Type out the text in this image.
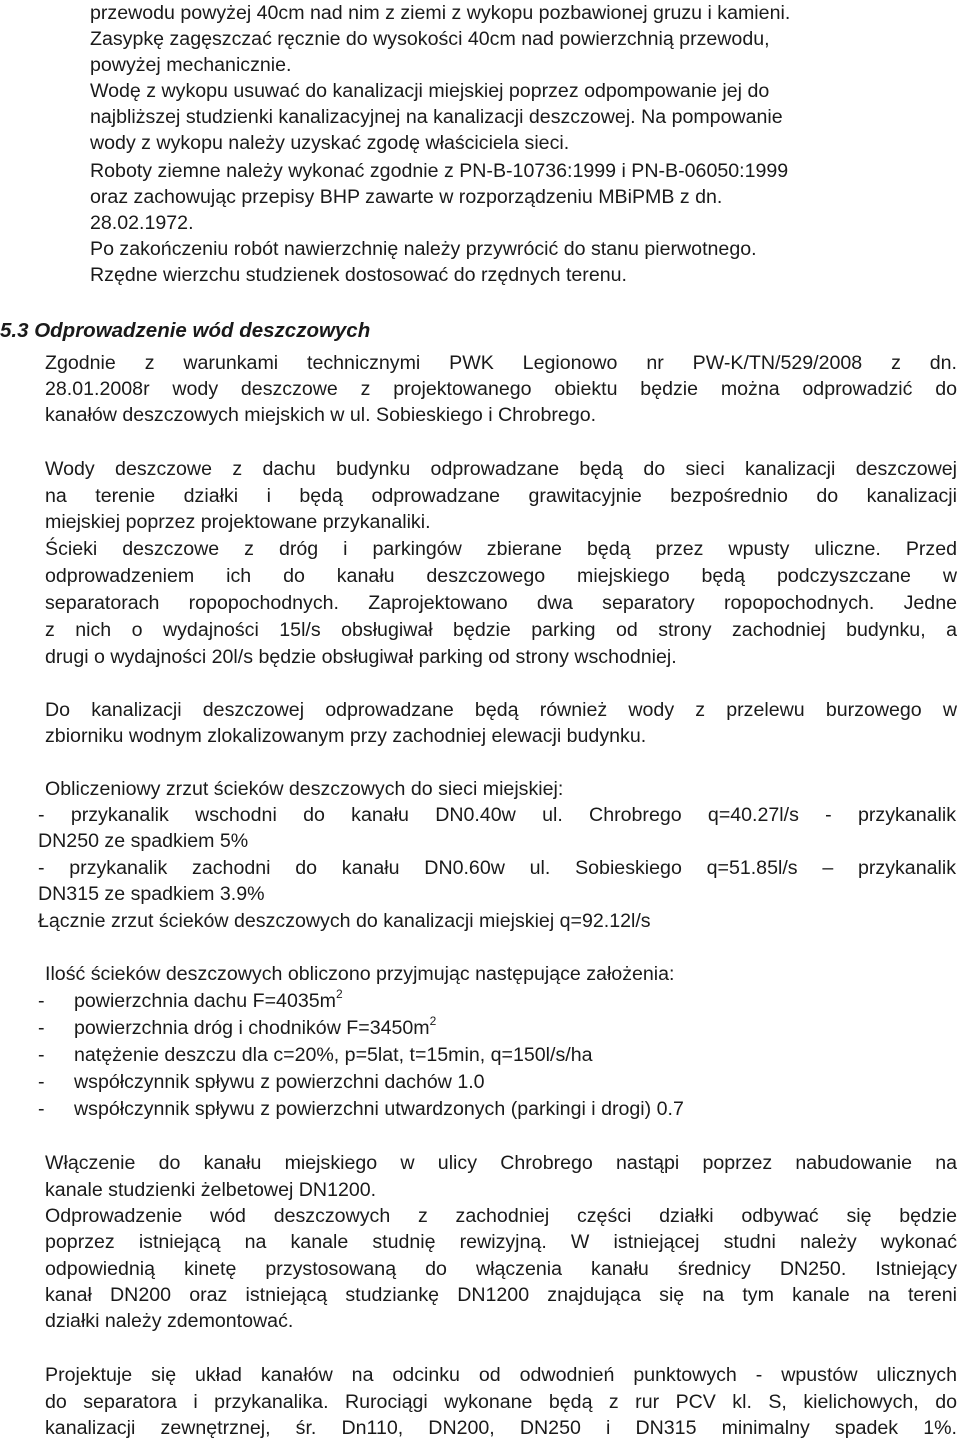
przewodu powyżej 40cm nad nim z ziemi z wykopu pozbawionej gruzu i kamieni.
Zasypkę zagęszczać ręcznie do wysokości 40cm nad powierzchnią przewodu,
powyżej mechanicznie.
Wodę z wykopu usuwać do kanalizacji miejskiej poprzez odpompowanie jej do
najbliższej studzienki kanalizacyjnej na kanalizacji deszczowej. Na pompowanie
wody z wykopu należy uzyskać zgodę właściciela sieci.
Roboty ziemne należy wykonać zgodnie z PN-B-10736:1999 i PN-B-06050:1999
oraz zachowując przepisy BHP zawarte w rozporządzeniu MBiPMB z dn.
28.02.1972.
Po zakończeniu robót nawierzchnię należy przywrócić do stanu pierwotnego.
Rzędne wierzchu studzienek dostosować do rzędnych terenu.
5.3 Odprowadzenie wód deszczowych
Zgodnie z warunkami technicznymi PWK Legionowo nr PW-K/TN/529/2008 z dn.
28.01.2008r wody deszczowe z projektowanego obiektu będzie można odprowadzić do
kanałów deszczowych miejskich w ul. Sobieskiego i Chrobrego.
Wody deszczowe z dachu budynku odprowadzane będą do sieci kanalizacji deszczowej
na terenie działki i będą odprowadzane grawitacyjnie bezpośrednio do kanalizacji
miejskiej poprzez projektowane przykanaliki.
Ścieki deszczowe z dróg i parkingów zbierane będą przez wpusty uliczne. Przed
odprowadzeniem ich do kanału deszczowego miejskiego będą podczyszczane w
separatorach ropopochodnych. Zaprojektowano dwa separatory ropopochodnych. Jedne
z nich o wydajności 15l/s obsługiwał będzie parking od strony zachodniej budynku, a
drugi o wydajności 20l/s będzie obsługiwał parking od strony wschodniej.
Do kanalizacji deszczowej odprowadzane będą również wody z przelewu burzowego w
zbiorniku wodnym zlokalizowanym przy zachodniej elewacji budynku.
Obliczeniowy zrzut ścieków deszczowych do sieci miejskiej:
- przykanalik wschodni do kanału DN0.40w ul. Chrobrego q=40.27l/s - przykanalik
DN250 ze spadkiem 5%
- przykanalik zachodni do kanału DN0.60w ul. Sobieskiego q=51.85l/s – przykanalik
DN315 ze spadkiem 3.9%
Łącznie zrzut ścieków deszczowych do kanalizacji miejskiej q=92.12l/s
Ilość ścieków deszczowych obliczono przyjmując następujące założenia:
- powierzchnia dachu $F=4035m^2$
- powierzchnia dróg i chodników $F=3450m^2$
- natężenie deszczu dla c=20%, p=5lat, t=15min, q=150l/s/ha
- współczynnik spływu z powierzchni dachów 1.0
- współczynnik spływu z powierzchni utwardzonych (parkingi i drogi) 0.7
Włączenie do kanału miejskiego w ulicy Chrobrego nastąpi poprzez nabudowanie na
kanale studzienki żelbetowej DN1200.
Odprowadzenie wód deszczowych z zachodniej części działki odbywać się będzie
poprzez istniejącą na kanale studnię rewizyjną. W istniejącej studni należy wykonać
odpowiednią kinetę przystosowaną do włączenia kanału średnicy DN250. Istniejący
kanał DN200 oraz istniejącą studziankę DN1200 znajdująca się na tym kanale na tereni
działki należy zdemontować.
Projektuje się układ kanałów na odcinku od odwodnień punktowych - wpustów ulicznych
do separatora i przykanalika. Rurociągi wykonane będą z rur PCV kl. S, kielichowych, do
kanalizacji zewnętrznej, śr. Dn110, DN200, DN250 i DN315 minimalny spadek 1%.
